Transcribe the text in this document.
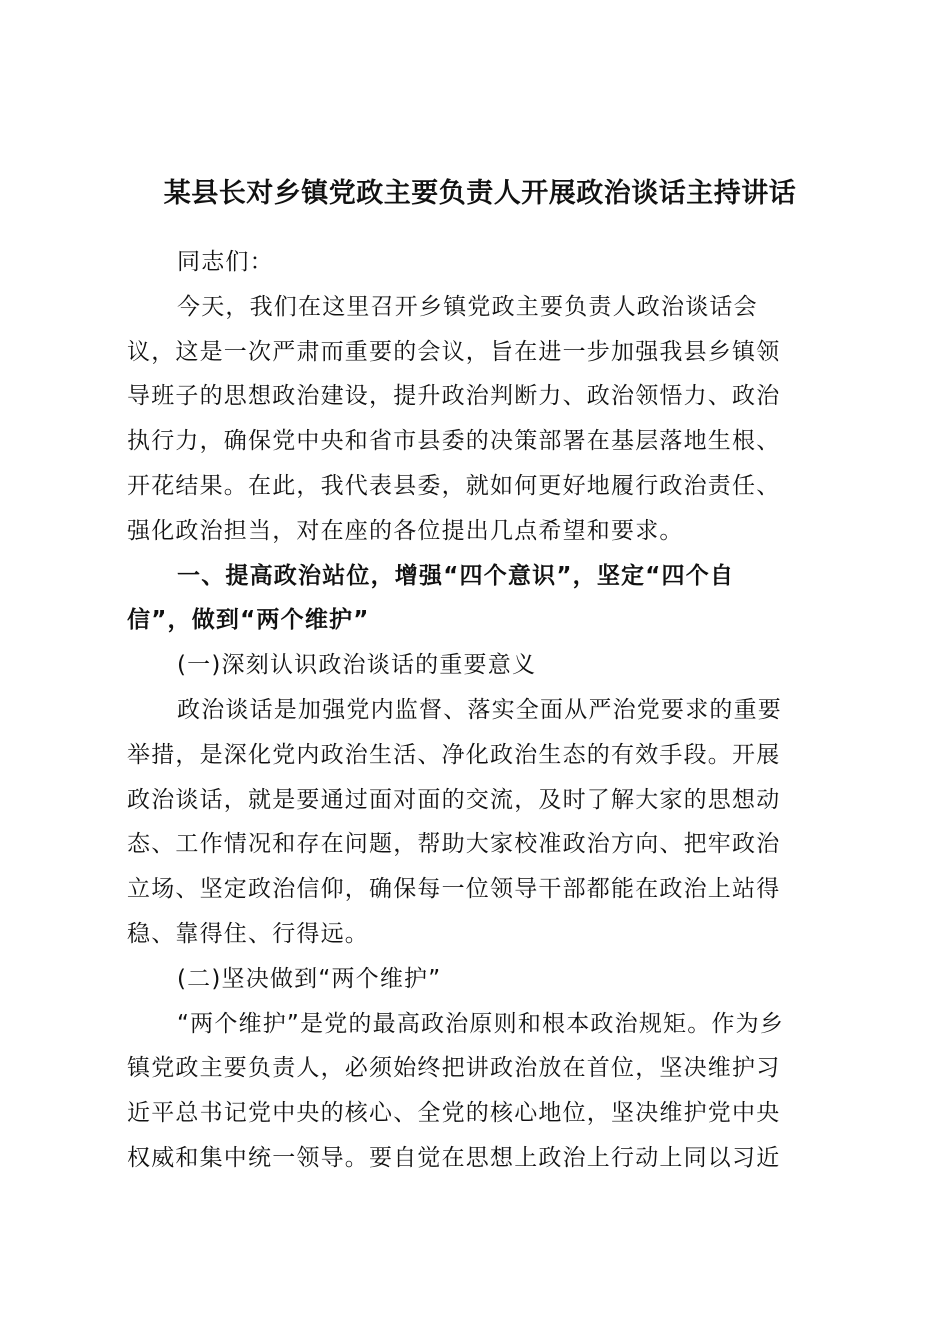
某县长对乡镇党政主要负责人开展政治谈话主持讲话
同志们：
今天，我们在这里召开乡镇党政主要负责人政治谈话会
议，这是一次严肃而重要的会议，旨在进一步加强我县乡镇领
导班子的思想政治建设，提升政治判断力、政治领悟力、政治
执行力，确保党中央和省市县委的决策部署在基层落地生根、
开花结果。在此，我代表县委，就如何更好地履行政治责任、
强化政治担当，对在座的各位提出几点希望和要求。
一、提高政治站位，增强“四个意识”，坚定“四个自
信”，做到“两个维护”
(一)深刻认识政治谈话的重要意义
政治谈话是加强党内监督、落实全面从严治党要求的重要
举措，是深化党内政治生活、净化政治生态的有效手段。开展
政治谈话，就是要通过面对面的交流，及时了解大家的思想动
态、工作情况和存在问题，帮助大家校准政治方向、把牢政治
立场、坚定政治信仰，确保每一位领导干部都能在政治上站得
稳、靠得住、行得远。
(二)坚决做到“两个维护”
“两个维护”是党的最高政治原则和根本政治规矩。作为乡
镇党政主要负责人，必须始终把讲政治放在首位，坚决维护习
近平总书记党中央的核心、全党的核心地位，坚决维护党中央
权威和集中统一领导。要自觉在思想上政治上行动上同以习近
